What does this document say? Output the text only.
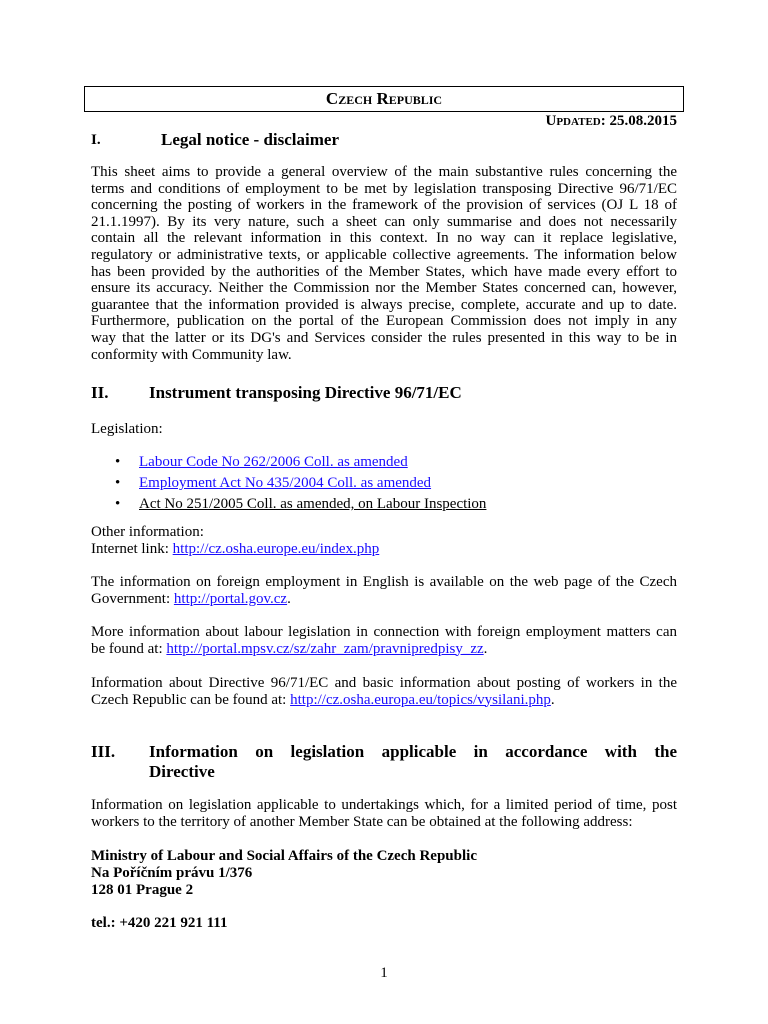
Czech Republic
Updated: 25.08.2015
I.	Legal notice - disclaimer
This sheet aims to provide a general overview of the main substantive rules concerning the
terms and conditions of employment to be met by legislation transposing Directive 96/71/EC
concerning the posting of workers in the framework of the provision of services (OJ L 18 of
21.1.1997). By its very nature, such a sheet can only summarise and does not necessarily
contain all the relevant information in this context. In no way can it replace legislative,
regulatory or administrative texts, or applicable collective agreements. The information below
has been provided by the authorities of the Member States, which have made every effort to
ensure its accuracy. Neither the Commission nor the Member States concerned can, however,
guarantee that the information provided is always precise, complete, accurate and up to date.
Furthermore, publication on the portal of the European Commission does not imply in any
way that the latter or its DG's and Services consider the rules presented in this way to be in
conformity with Community law.
II. Instrument transposing Directive 96/71/EC
Legislation:
• Labour Code No 262/2006 Coll. as amended
• Employment Act No 435/2004 Coll. as amended
• Act No 251/2005 Coll. as amended, on Labour Inspection
Other information:
Internet link: http://cz.osha.europe.eu/index.php
The information on foreign employment in English is available on the web page of the Czech
Government: http://portal.gov.cz.
More information about labour legislation in connection with foreign employment matters can
be found at: http://portal.mpsv.cz/sz/zahr_zam/pravnipredpisy_zz.
Information about Directive 96/71/EC and basic information about posting of workers in the
Czech Republic can be found at: http://cz.osha.europa.eu/topics/vysilani.php.
III. Information on legislation applicable in accordance with the
Directive
Information on legislation applicable to undertakings which, for a limited period of time, post
workers to the territory of another Member State can be obtained at the following address:
Ministry of Labour and Social Affairs of the Czech Republic
Na Poříčním právu 1/376
128 01 Prague 2
tel.: +420 221 921 111
1
